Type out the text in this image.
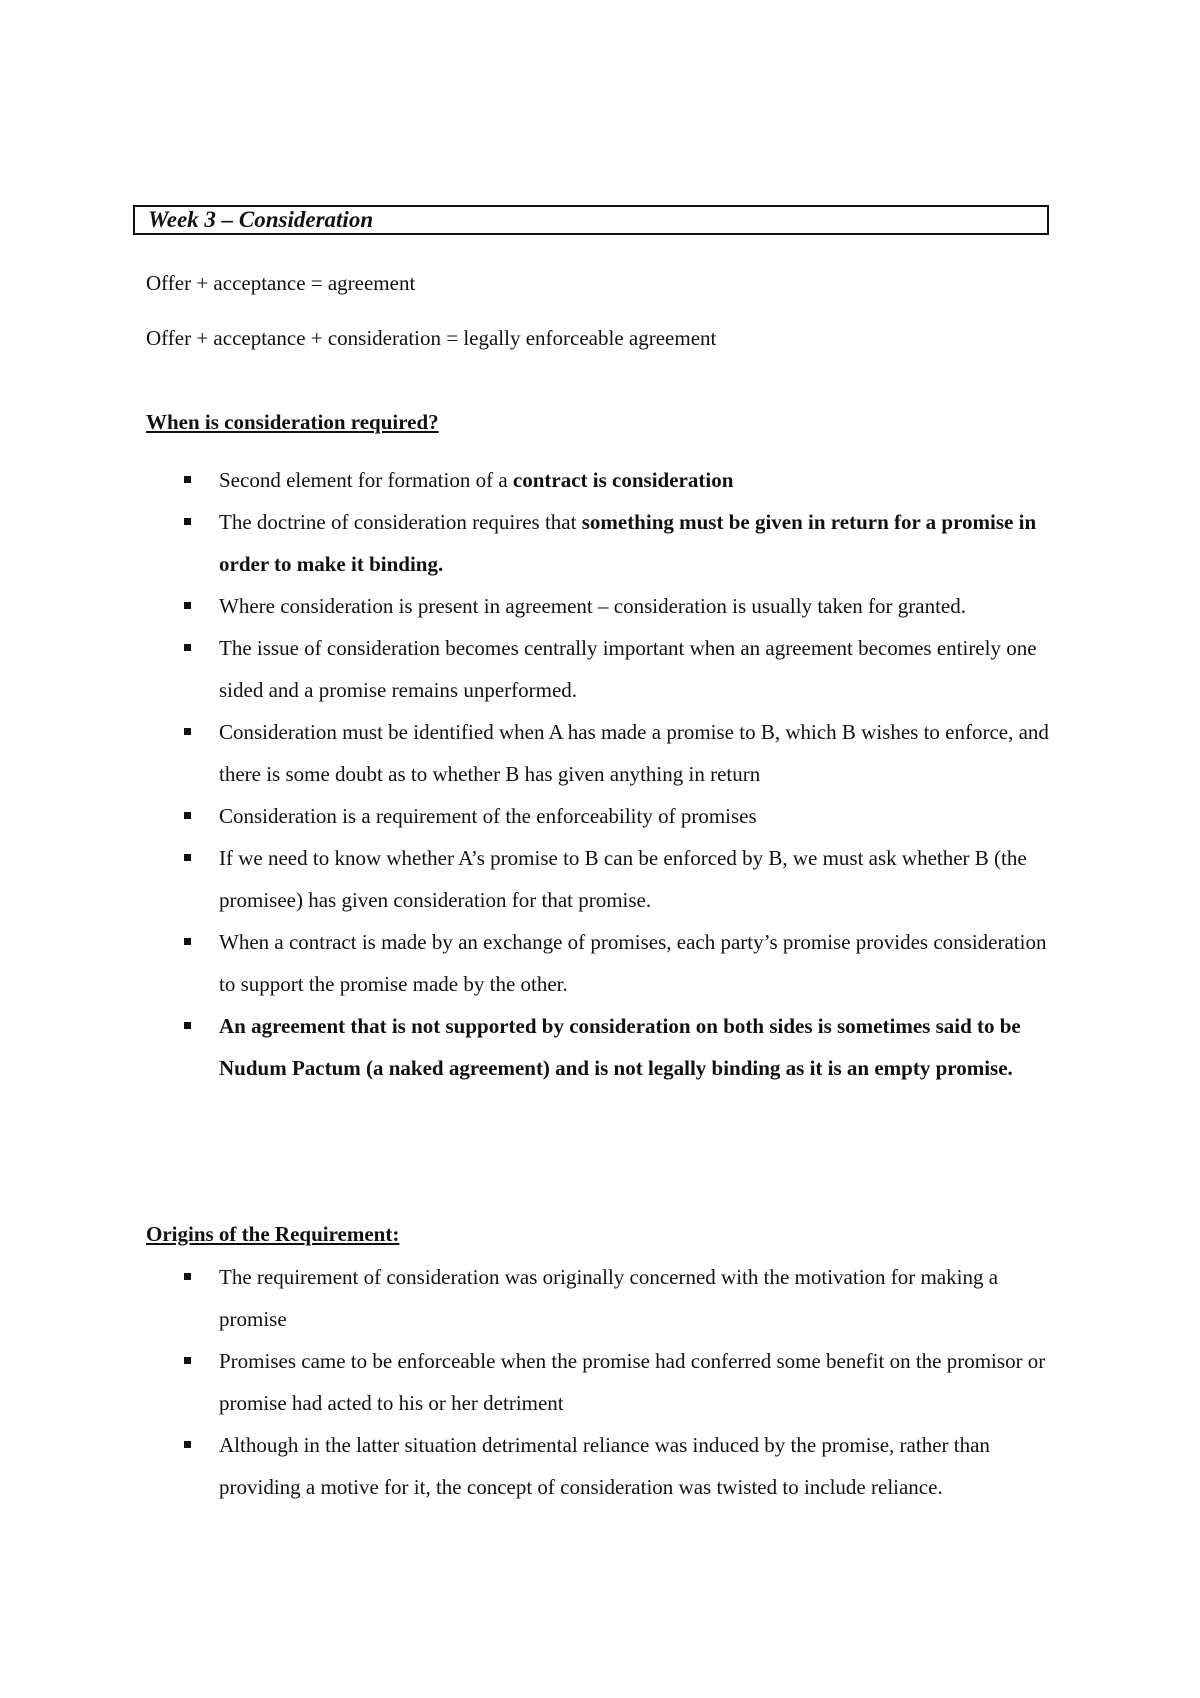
Week 3 – Consideration
Offer + acceptance = agreement
Offer + acceptance + consideration = legally enforceable agreement
When is consideration required?
Second element for formation of a contract is consideration
The doctrine of consideration requires that something must be given in return for a promise in order to make it binding.
Where consideration is present in agreement – consideration is usually taken for granted.
The issue of consideration becomes centrally important when an agreement becomes entirely one sided and a promise remains unperformed.
Consideration must be identified when A has made a promise to B, which B wishes to enforce, and there is some doubt as to whether B has given anything in return
Consideration is a requirement of the enforceability of promises
If we need to know whether A’s promise to B can be enforced by B, we must ask whether B (the promisee) has given consideration for that promise.
When a contract is made by an exchange of promises, each party’s promise provides consideration to support the promise made by the other.
An agreement that is not supported by consideration on both sides is sometimes said to be Nudum Pactum (a naked agreement) and is not legally binding as it is an empty promise.
Origins of the Requirement:
The requirement of consideration was originally concerned with the motivation for making a promise
Promises came to be enforceable when the promise had conferred some benefit on the promisor or promise had acted to his or her detriment
Although in the latter situation detrimental reliance was induced by the promise, rather than providing a motive for it, the concept of consideration was twisted to include reliance.
